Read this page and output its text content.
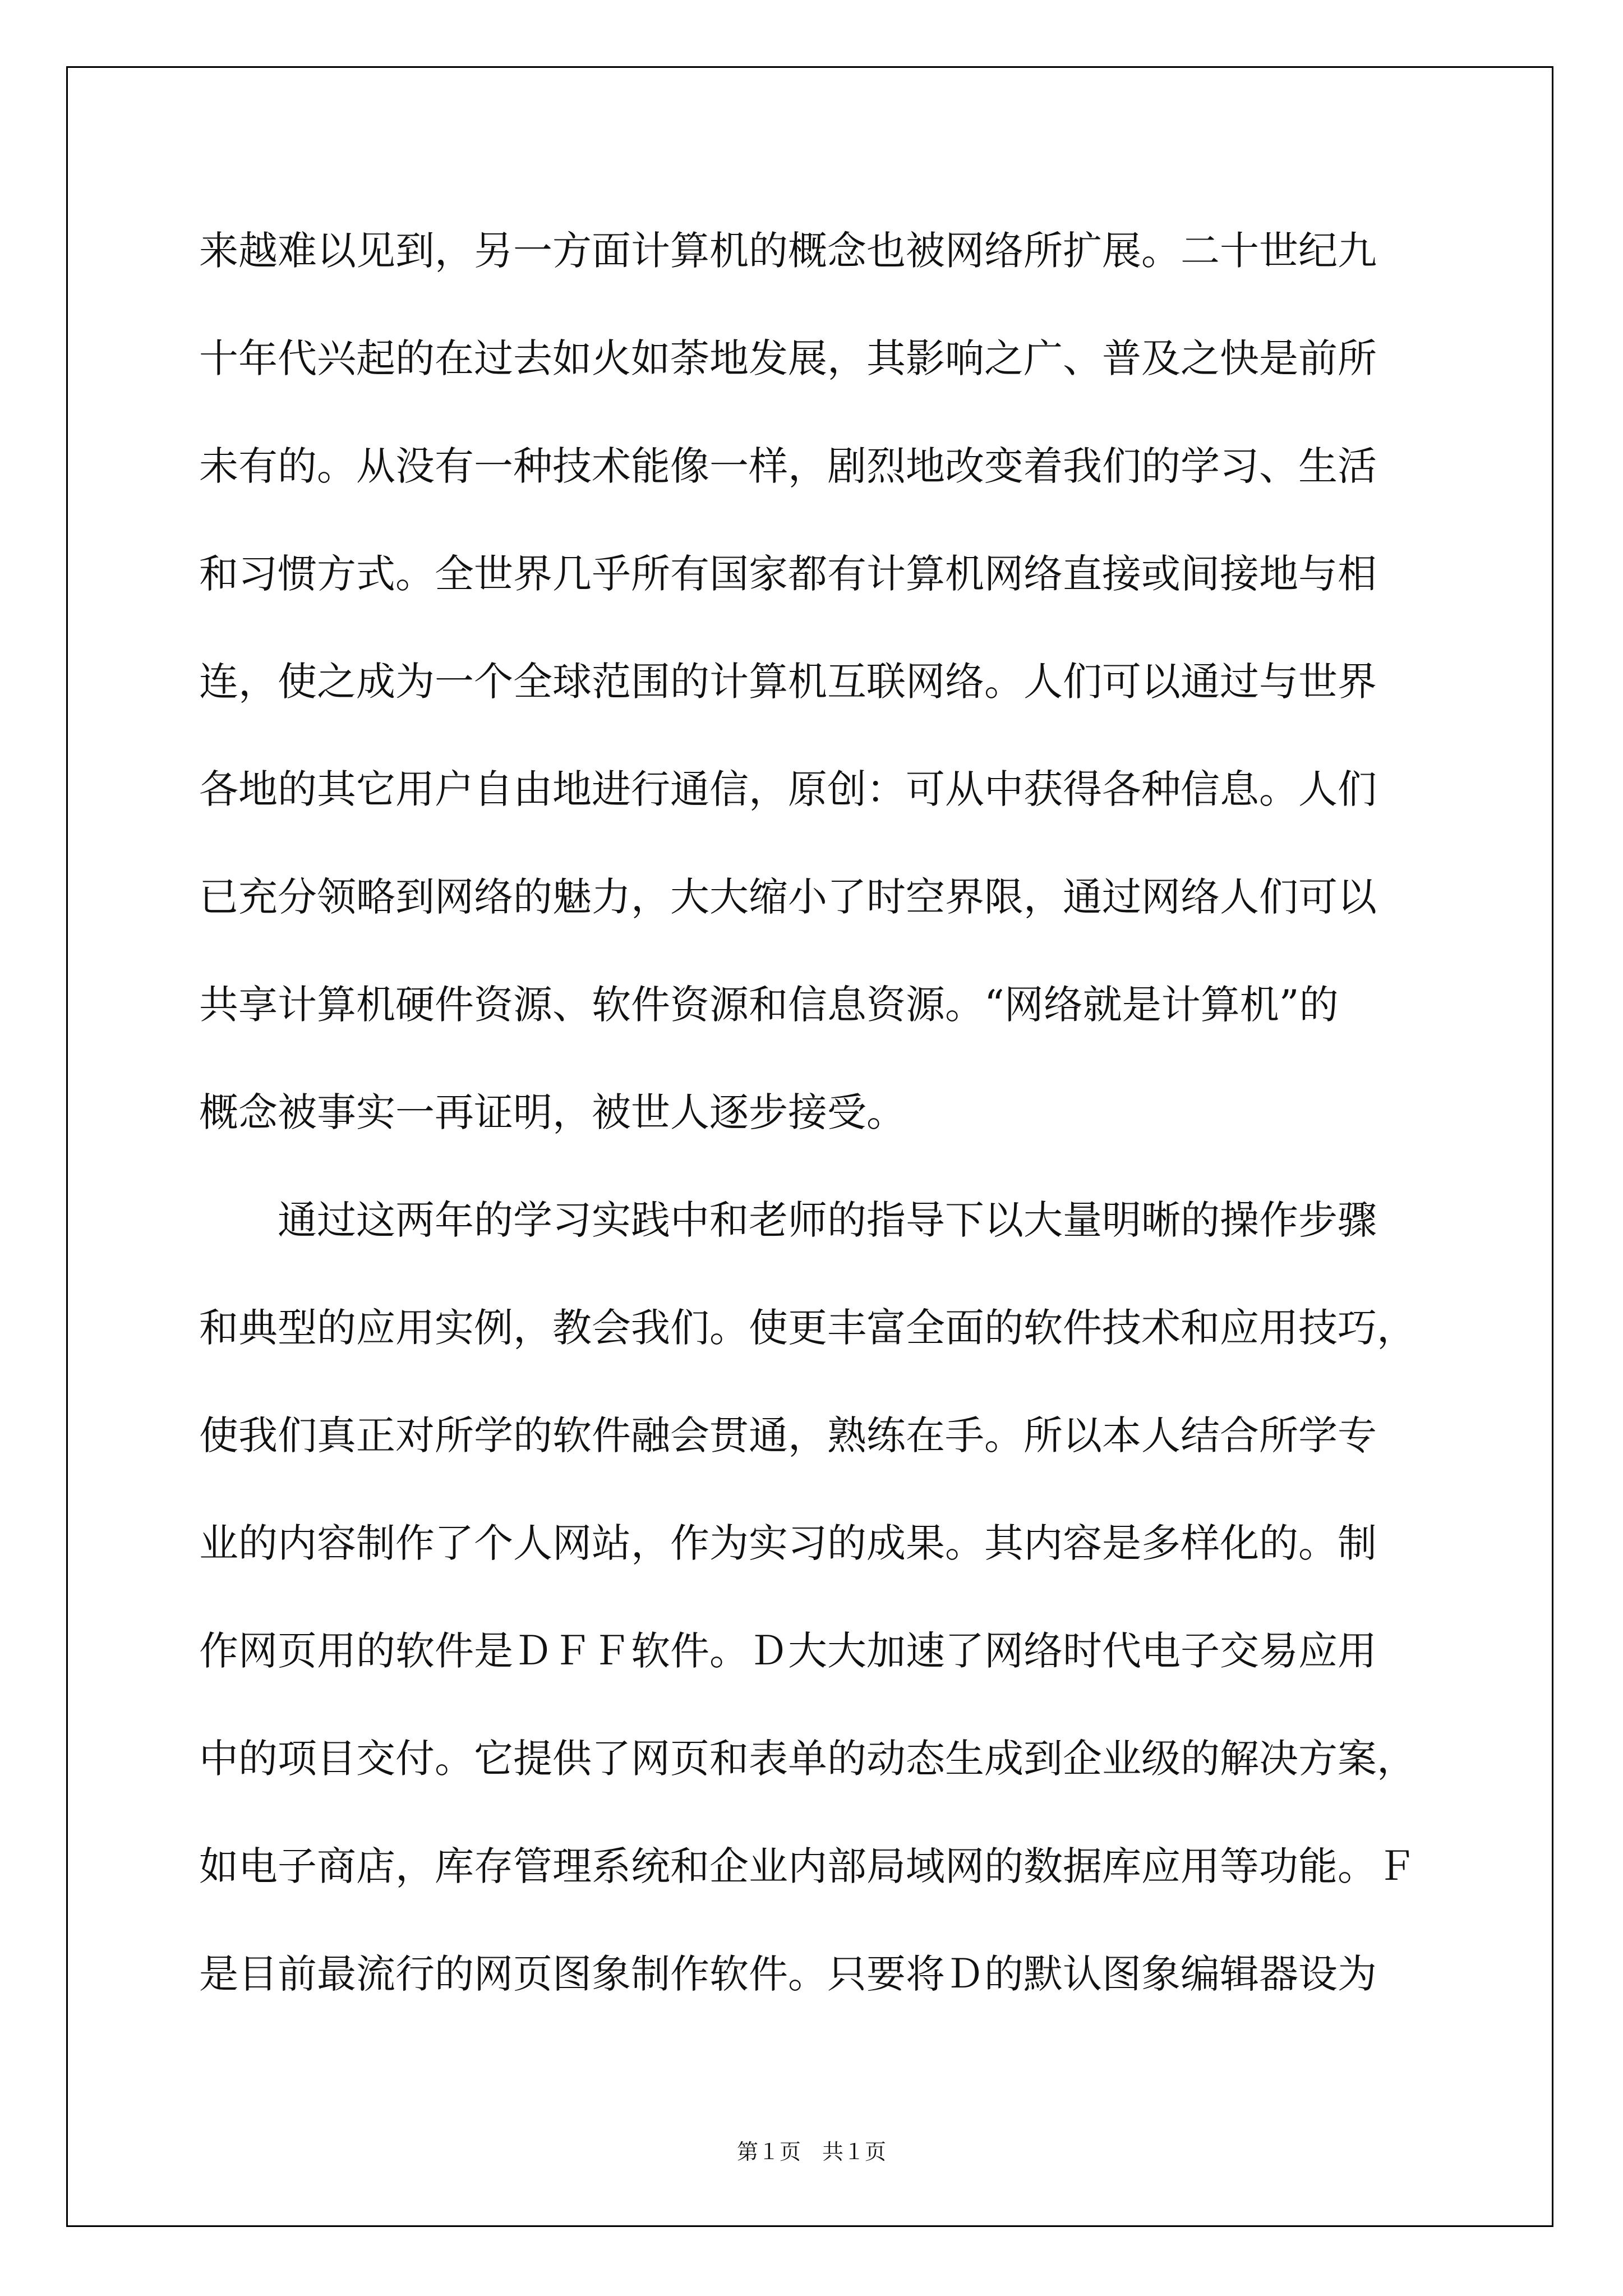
来越难以见到，另一方面计算机的概念也被网络所扩展。二十世纪九
十年代兴起的在过去如火如荼地发展，其影响之广、普及之快是前所
未有的。从没有一种技术能像一样，剧烈地改变着我们的学习、生活
和习惯方式。全世界几乎所有国家都有计算机网络直接或间接地与相
连，使之成为一个全球范围的计算机互联网络。人们可以通过与世界
各地的其它用户自由地进行通信，原创：可从中获得各种信息。人们
已充分领略到网络的魅力，大大缩小了时空界限，通过网络人们可以
共享计算机硬件资源、软件资源和信息资源。“网络就是计算机”的
概念被事实一再证明，被世人逐步接受。
通过这两年的学习实践中和老师的指导下以大量明晰的操作步骤
和典型的应用实例，教会我们。使更丰富全面的软件技术和应用技巧，
使我们真正对所学的软件融会贯通，熟练在手。所以本人结合所学专
业的内容制作了个人网站，作为实习的成果。其内容是多样化的。制
作网页用的软件是ＤＦＦ软件。Ｄ大大加速了网络时代电子交易应用
中的项目交付。它提供了网页和表单的动态生成到企业级的解决方案，
如电子商店，库存管理系统和企业内部局域网的数据库应用等功能。Ｆ
是目前最流行的网页图象制作软件。只要将Ｄ的默认图象编辑器设为
第１页　共１页
